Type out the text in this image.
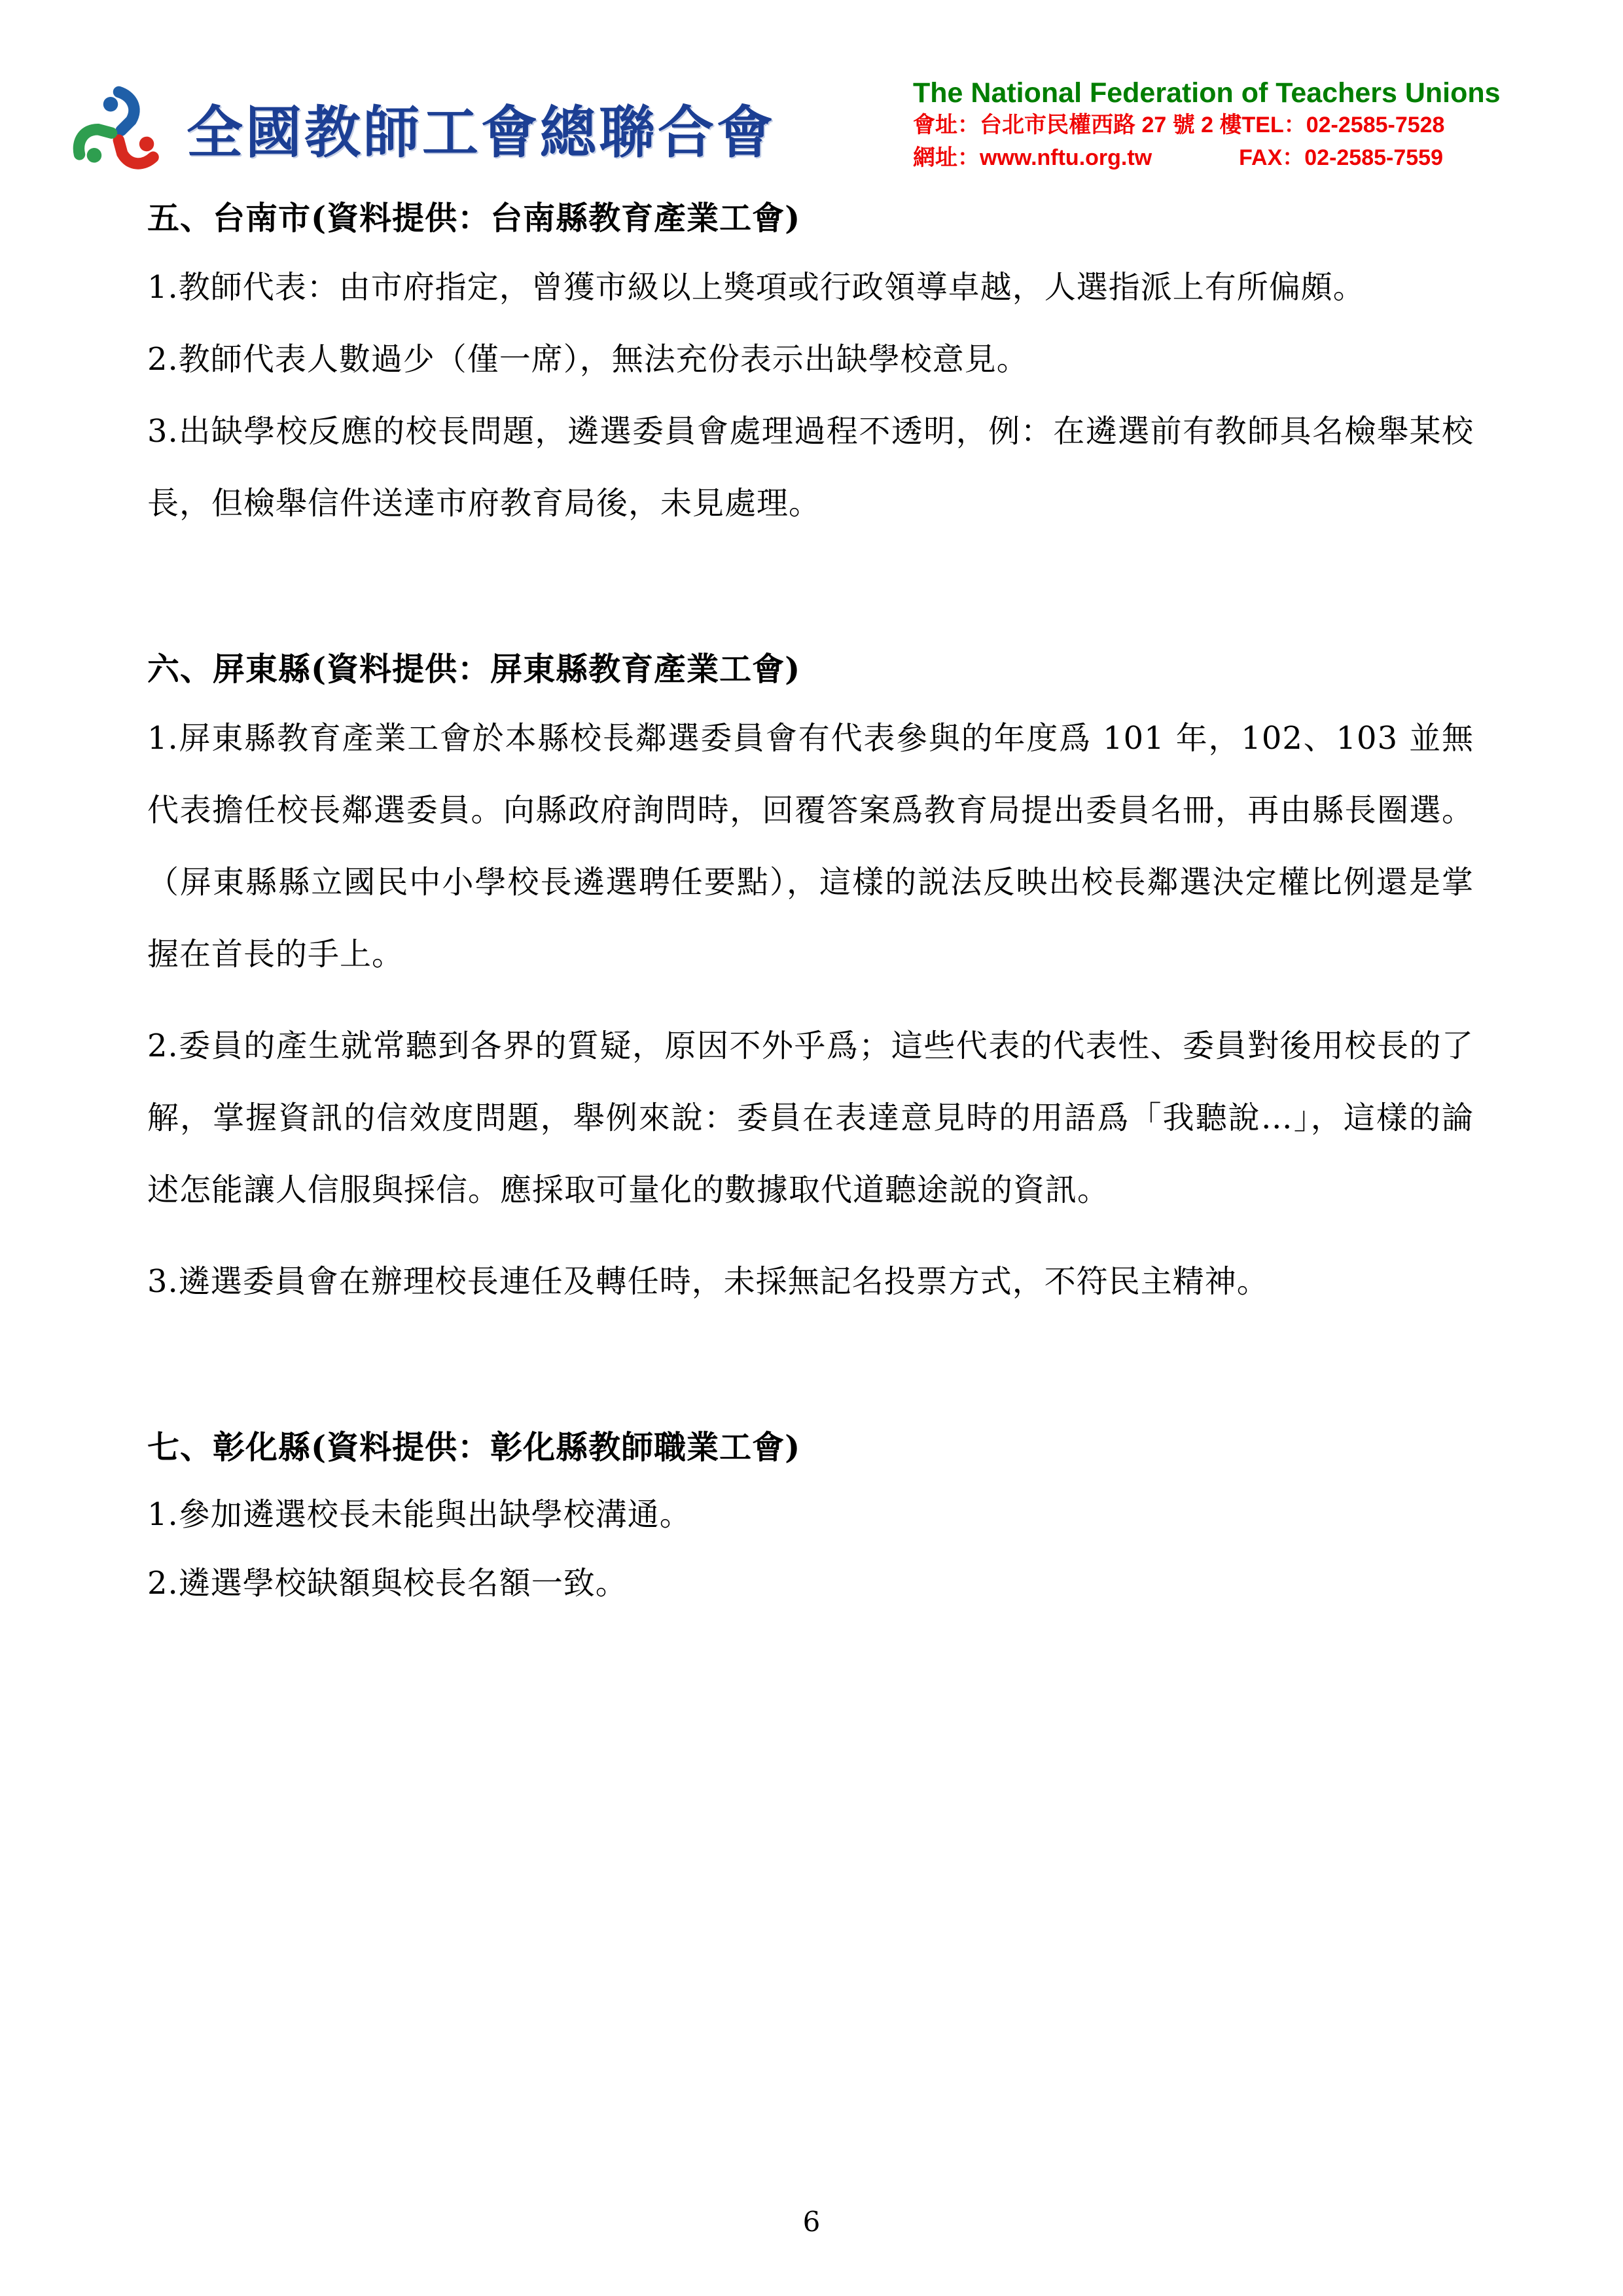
全國教師工會總聯合會
The National Federation of Teachers Unions
會址：台北市民權西路 27 號 2 樓 TEL：02-2585-7528
網址：www.nftu.org.tw	FAX：02-2585-7559
五、台南市(資料提供：台南縣教育產業工會)

1.教師代表：由市府指定，曾獲市級以上獎項或行政領導卓越，人選指派上有所偏頗。

2.教師代表人數過少（僅一席），無法充份表示出缺學校意見。

3.出缺學校反應的校長問題，遴選委員會處理過程不透明，例：在遴選前有教師具名檢舉某校長，但檢舉信件送達市府教育局後，未見處理。

六、屏東縣(資料提供：屏東縣教育產業工會)

1.屏東縣教育產業工會於本縣校長鄰選委員會有代表參與的年度爲 101 年，102、103 並無代表擔任校長鄰選委員。向縣政府詢問時，回覆答案爲教育局提出委員名冊，再由縣長圈選。（屏東縣縣立國民中小學校長遴選聘任要點），這樣的説法反映出校長鄰選決定權比例還是掌握在首長的手上。

2.委員的產生就常聽到各界的質疑，原因不外乎爲；這些代表的代表性、委員對後用校長的了解，掌握資訊的信效度問題，舉例來說：委員在表達意見時的用語爲「我聽說…」，這樣的論述怎能讓人信服與採信。應採取可量化的數據取代道聽途説的資訊。

3.遴選委員會在辦理校長連任及轉任時，未採無記名投票方式，不符民主精神。

七、彰化縣(資料提供：彰化縣教師職業工會)

1.參加遴選校長未能與出缺學校溝通。

2.遴選學校缺額與校長名額一致。

6
